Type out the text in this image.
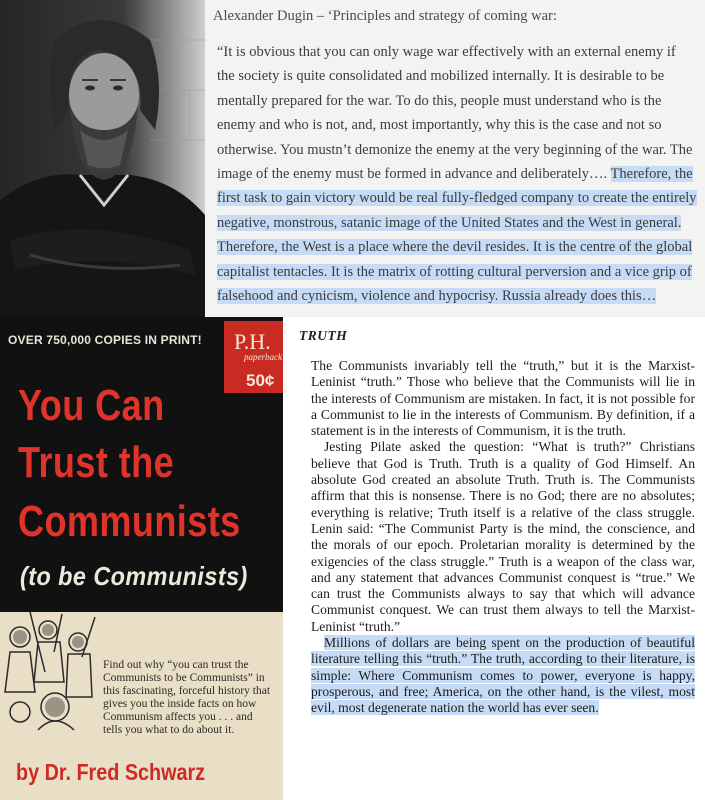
Alexander Dugin – ‘Principles and strategy of coming war:
“It is obvious that you can only wage war effectively with an external enemy if the society is quite consolidated and mobilized internally. It is desirable to be mentally prepared for the war. To do this, people must understand who is the enemy and who is not, and, most importantly, why this is the case and not so otherwise. You mustn’t demonize the enemy at the very beginning of the war. The image of the enemy must be formed in advance and deliberately…. Therefore, the first task to gain victory would be real fully-fledged company to create the entirely negative, monstrous, satanic image of the United States and the West in general. Therefore, the West is a place where the devil resides. It is the centre of the global capitalist tentacles. It is the matrix of rotting cultural perversion and a vice grip of falsehood and cynicism, violence and hypocrisy. Russia already does this…
OVER 750,000 COPIES IN PRINT! P.H.
paperback
50¢
You Can
Trust the
Communists
(to be Communists)
Find out why “you can trust the Communists to be Communists” in this fascinating, forceful history that gives you the inside facts on how Communism affects you . . . and tells you what to do about it.
by Dr. Fred Schwarz
TRUTH

The Communists invariably tell the “truth,” but it is the Marxist-Leninist “truth.” Those who believe that the Communists will lie in the interests of Communism are mistaken. In fact, it is not possible for a Communist to lie in the interests of Communism. By definition, if a statement is in the interests of Communism, it is the truth.

Jesting Pilate asked the question: “What is truth?” Christians believe that God is Truth. Truth is a quality of God Himself. An absolute God created an absolute Truth. Truth is. The Communists affirm that this is nonsense. There is no God; there are no absolutes; everything is relative; Truth itself is a relative of the class struggle. Lenin said: “The Communist Party is the mind, the conscience, and the morals of our epoch. Proletarian morality is determined by the exigencies of the class struggle.” Truth is a weapon of the class war, and any statement that advances Communist conquest is “true.” We can trust the Communists always to say that which will advance Communist conquest. We can trust them always to tell the Marxist-Leninist “truth.”

Millions of dollars are being spent on the production of beautiful literature telling this “truth.” The truth, according to their literature, is simple: Where Communism comes to power, everyone is happy, prosperous, and free; America, on the other hand, is the vilest, most evil, most degenerate nation the world has ever seen.
